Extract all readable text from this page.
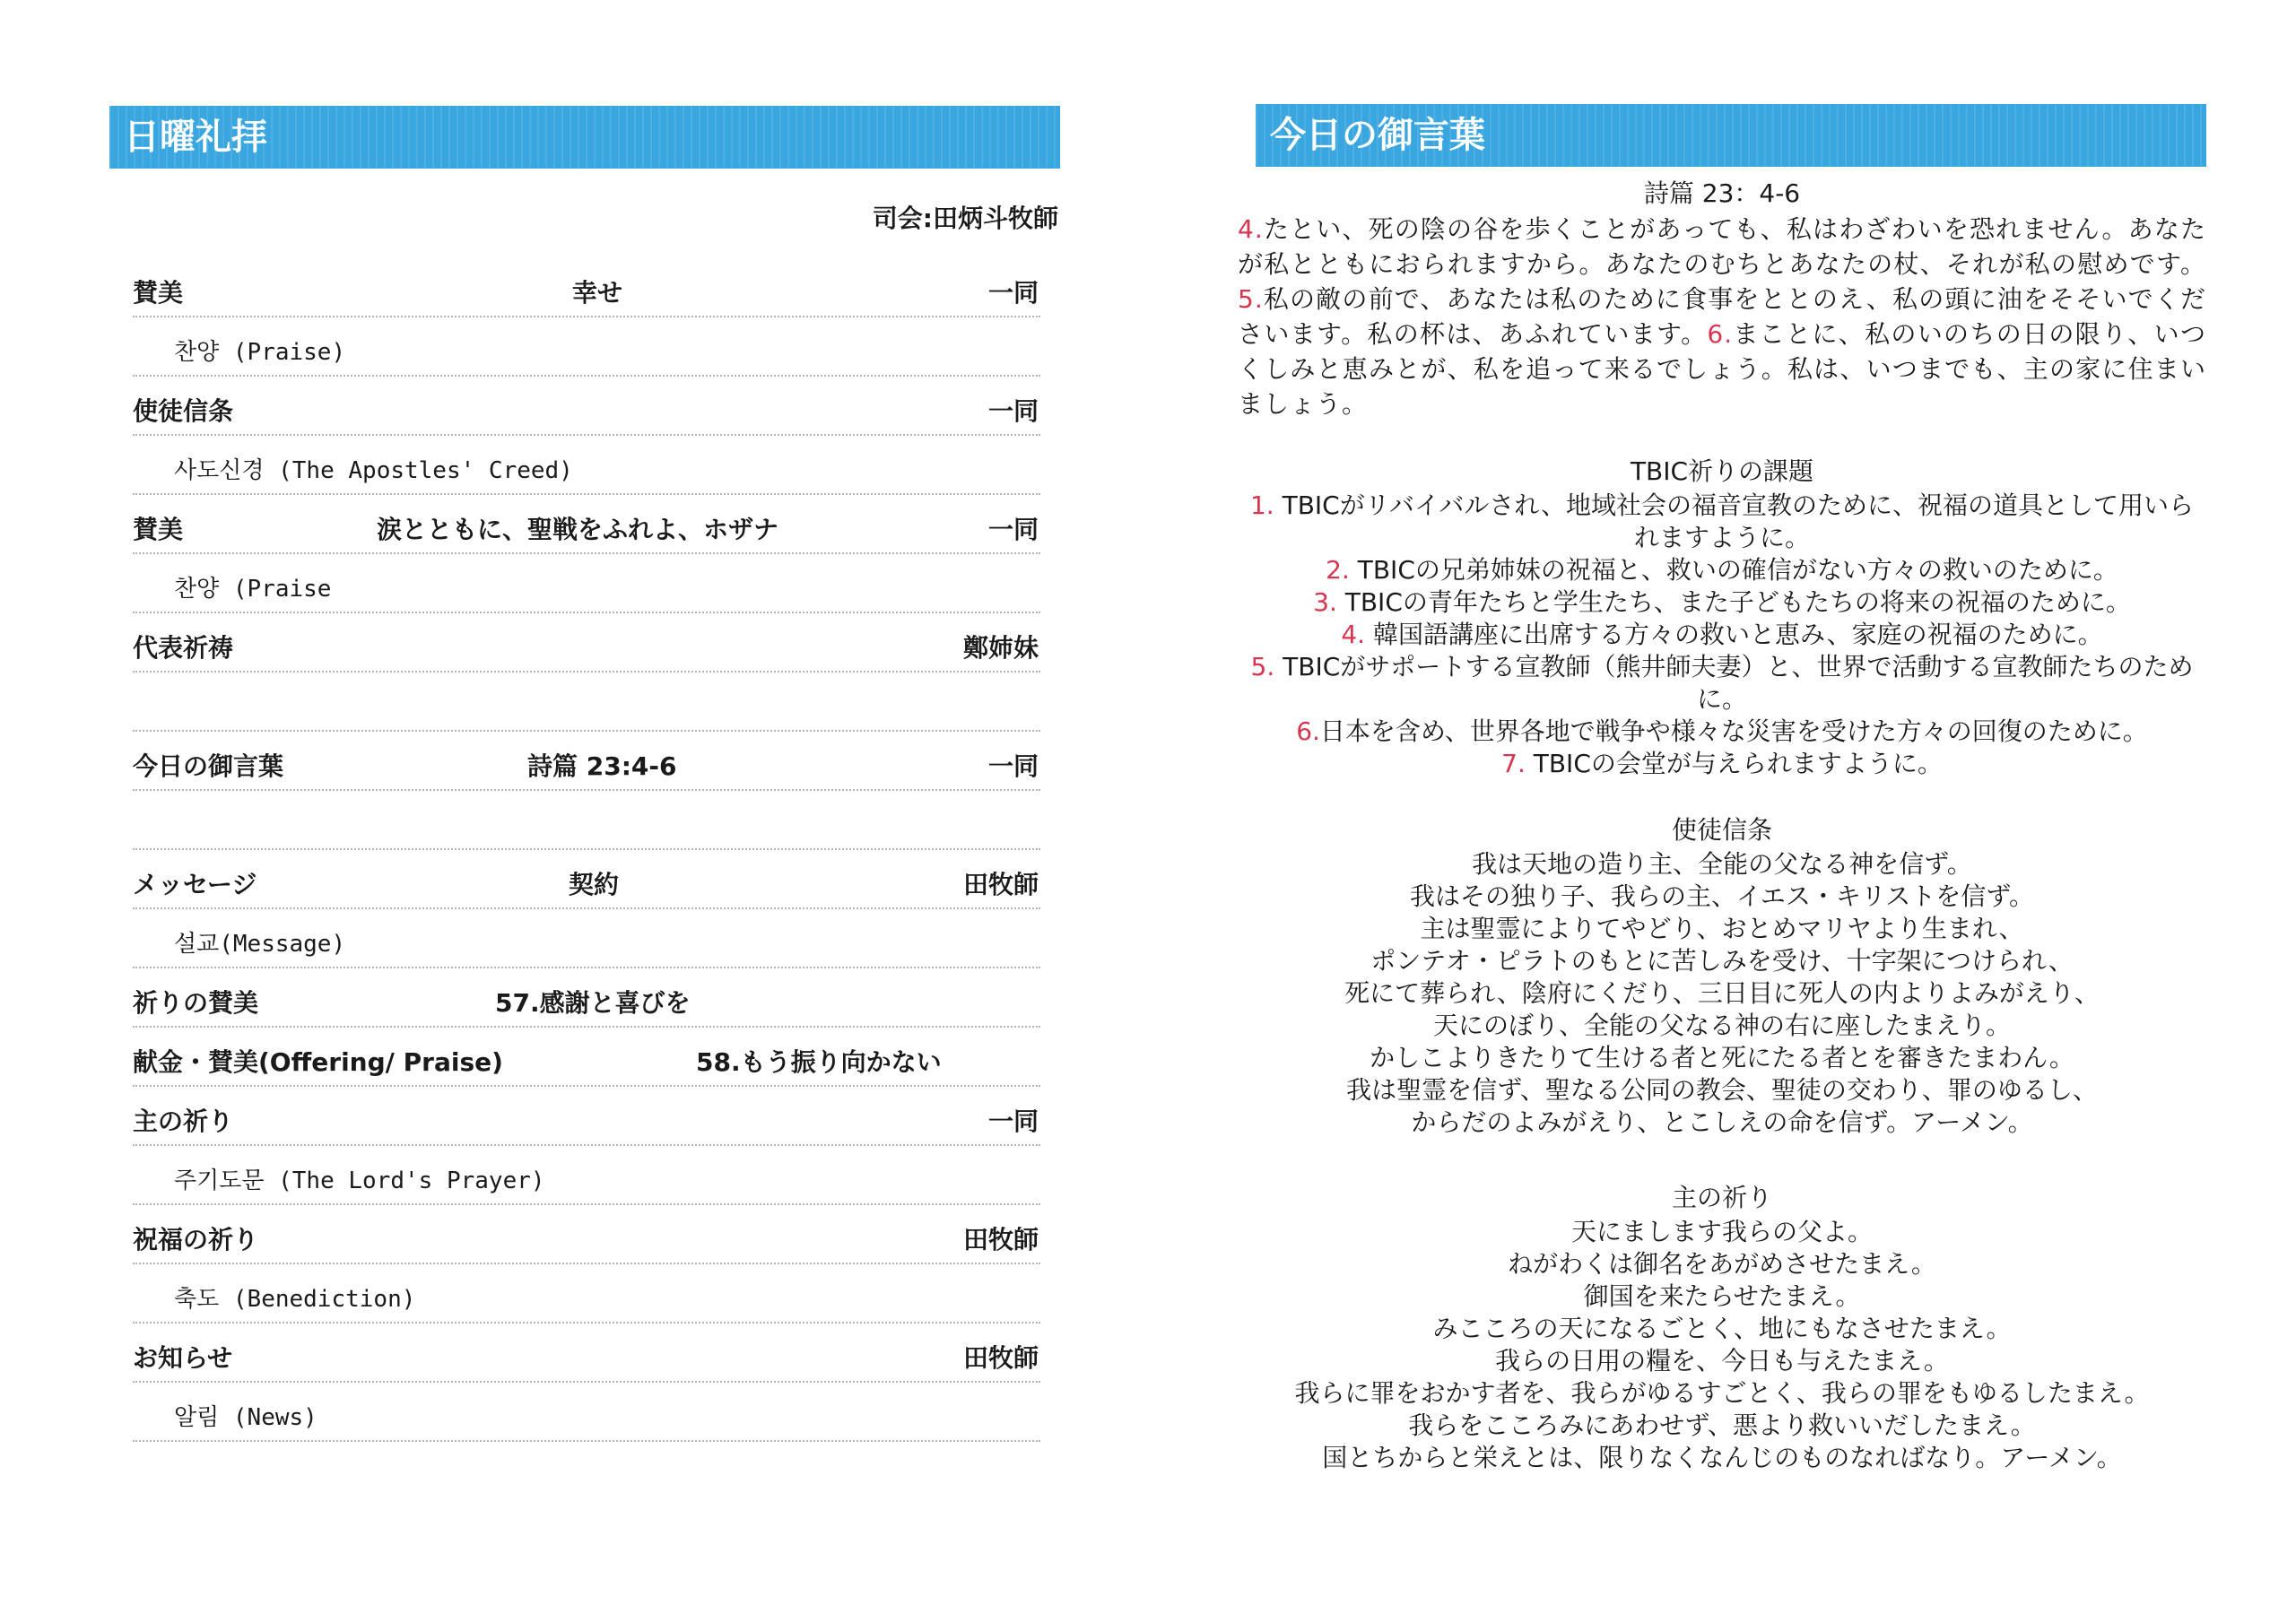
日曜礼拝
司会:田炳斗牧師
賛美	幸せ	一同
찬양 (Praise)
使徒信条	一同
사도신경 (The Apostles' Creed)
賛美	涙とともに、聖戦をふれよ、ホザナ	一同
찬양 (Praise
代表祈祷	鄭姉妹
今日の御言葉	詩篇 23:4-6	一同
メッセージ	契約	田牧師
설교(Message)
祈りの賛美	57.感謝と喜びを
献金・賛美(Offering/ Praise)	58.もう振り向かない
主の祈り	一同
주기도문 (The Lord's Prayer)
祝福の祈り	田牧師
축도 (Benediction)
お知らせ	田牧師
알림 (News)
今日の御言葉

詩篇 23：4-6

4.たとい、死の陰の谷を歩くことがあっても、私はわざわいを恐れません。あなたが私とともにおられますから。あなたのむちとあなたの杖、それが私の慰めです。5.私の敵の前で、あなたは私のために食事をととのえ、私の頭に油をそそいでくださいます。私の杯は、あふれています。6.まことに、私のいのちの日の限り、いつくしみと恵みとが、私を追って来るでしょう。私は、いつまでも、主の家に住まいましょう。

TBIC祈りの課題

1. TBICがリバイバルされ、地域社会の福音宣教のために、祝福の道具として用いられますように。

2. TBICの兄弟姉妹の祝福と、救いの確信がない方々の救いのために。

3. TBICの青年たちと学生たち、また子どもたちの将来の祝福のために。

4. 韓国語講座に出席する方々の救いと恵み、家庭の祝福のために。

5. TBICがサポートする宣教師（熊井師夫妻）と、世界で活動する宣教師たちのために。

6.日本を含め、世界各地で戦争や様々な災害を受けた方々の回復のために。

7. TBICの会堂が与えられますように。

使徒信条

我は天地の造り主、全能の父なる神を信ず。

我はその独り子、我らの主、イエス・キリストを信ず。

主は聖霊によりてやどり、おとめマリヤより生まれ、

ポンテオ・ピラトのもとに苦しみを受け、十字架につけられ、

死にて葬られ、陰府にくだり、三日目に死人の内よりよみがえり、

天にのぼり、全能の父なる神の右に座したまえり。

かしこよりきたりて生ける者と死にたる者とを審きたまわん。

我は聖霊を信ず、聖なる公同の教会、聖徒の交わり、罪のゆるし、

からだのよみがえり、とこしえの命を信ず。アーメン。

主の祈り

天にまします我らの父よ。

ねがわくは御名をあがめさせたまえ。

御国を来たらせたまえ。

みこころの天になるごとく、地にもなさせたまえ。

我らの日用の糧を、今日も与えたまえ。

我らに罪をおかす者を、我らがゆるすごとく、我らの罪をもゆるしたまえ。

我らをこころみにあわせず、悪より救いいだしたまえ。

国とちからと栄えとは、限りなくなんじのものなればなり。アーメン。
